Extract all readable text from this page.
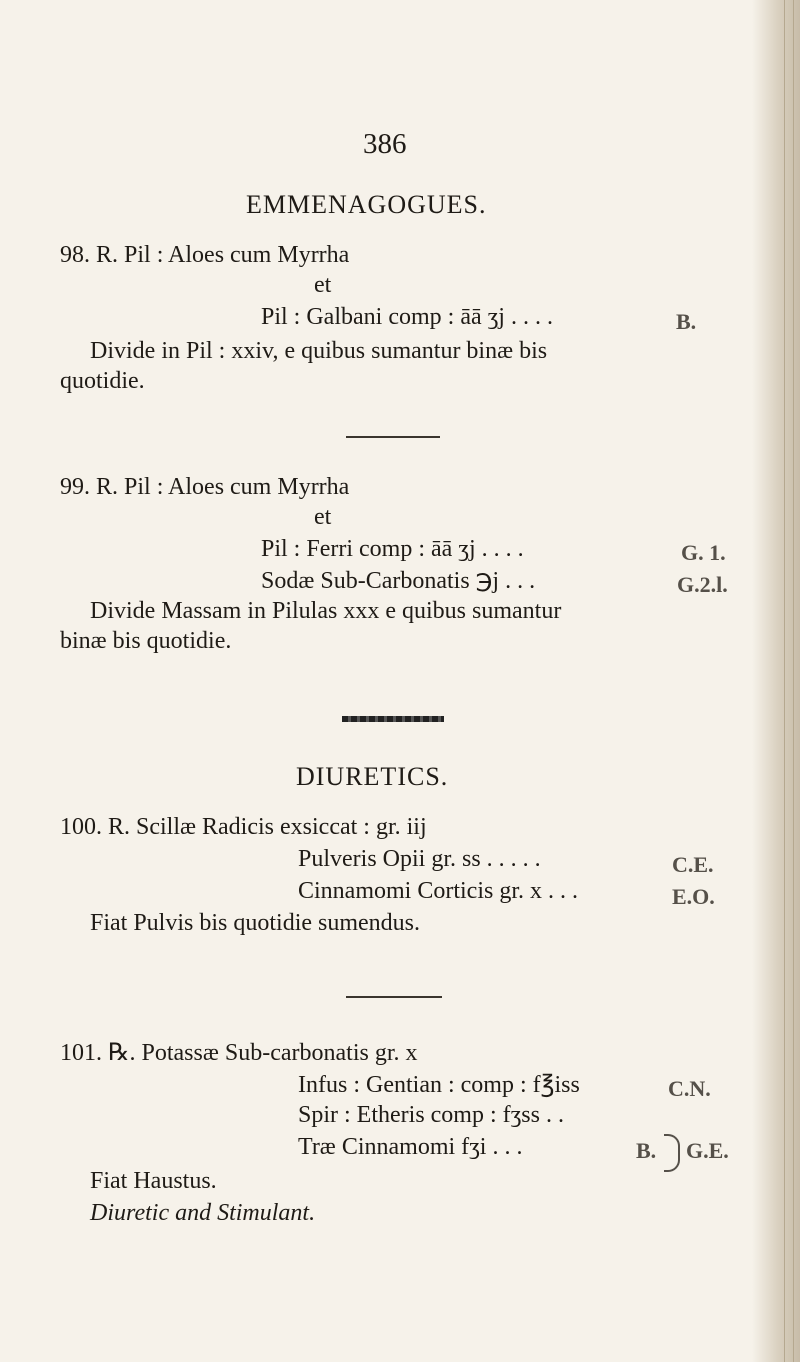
386
EMMENAGOGUES.
98. R. Pil : Aloes cum Myrrha
et
Pil : Galbani comp : āā ʒj . . . .	B.
Divide in Pil : xxiv, e quibus sumantur binæ bis
quotidie.
99. R. Pil : Aloes cum Myrrha
et
Pil : Ferri comp : āā ʒj . . . .	G. 1.
Sodæ Sub-Carbonatis ℈j . . .	G.2.l.
Divide Massam in Pilulas xxx e quibus sumantur
binæ bis quotidie.
DIURETICS.
100. R. Scillæ Radicis exsiccat : gr. iij
Pulveris Opii gr. ss . . . . .	C.E.
Cinnamomi Corticis gr. x . . .	E.O.
Fiat Pulvis bis quotidie sumendus.
101. ℞. Potassæ Sub-carbonatis gr. x
Infus : Gentian : comp : f℥iss	C.N.
Spir : Etheris comp : fʒss . .
Træ Cinnamomi fʒi . . .	B. G.E.
Fiat Haustus.
Diuretic and Stimulant.
